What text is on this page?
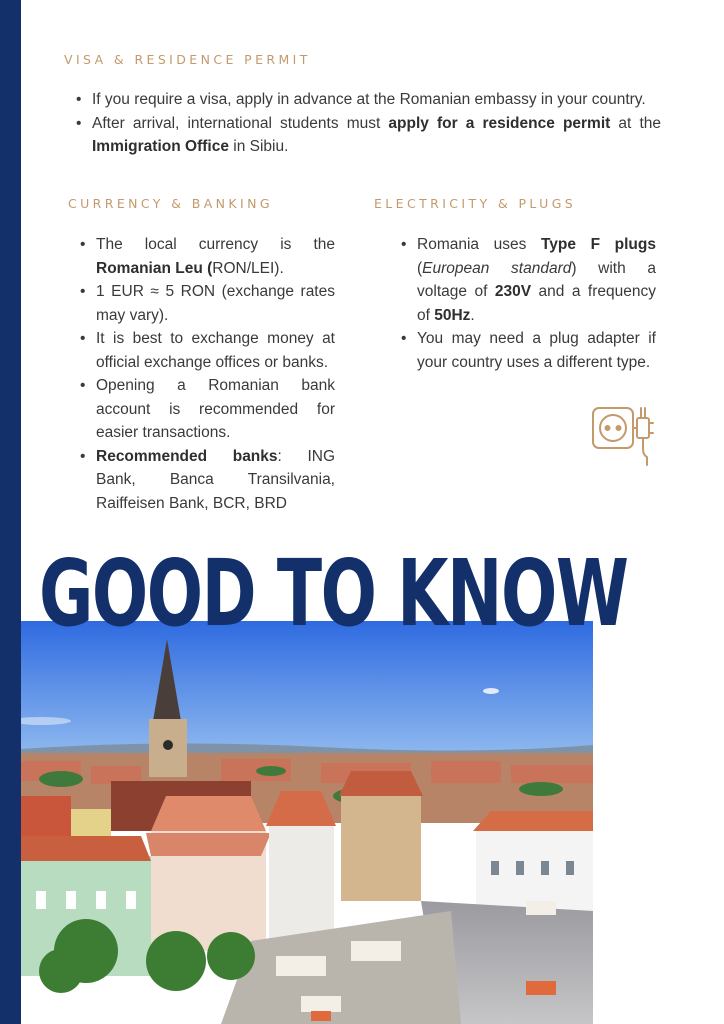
VISA & RESIDENCE PERMIT
• If you require a visa, apply in advance at the Romanian embassy in your country.
• After arrival, international students must apply for a residence permit at the Immigration Office in Sibiu.
CURRENCY & BANKING
• The local currency is the Romanian Leu (RON/LEI).
• 1 EUR ≈ 5 RON (exchange rates may vary).
• It is best to exchange money at official exchange offices or banks.
• Opening a Romanian bank account is recommended for easier transactions.
• Recommended banks: ING Bank, Banca Transilvania, Raiffeisen Bank, BCR, BRD
ELECTRICITY & PLUGS
• Romania uses Type F plugs (European standard) with a voltage of 230V and a frequency of 50Hz.
• You may need a plug adapter if your country uses a different type.
GOOD TO KNOW
